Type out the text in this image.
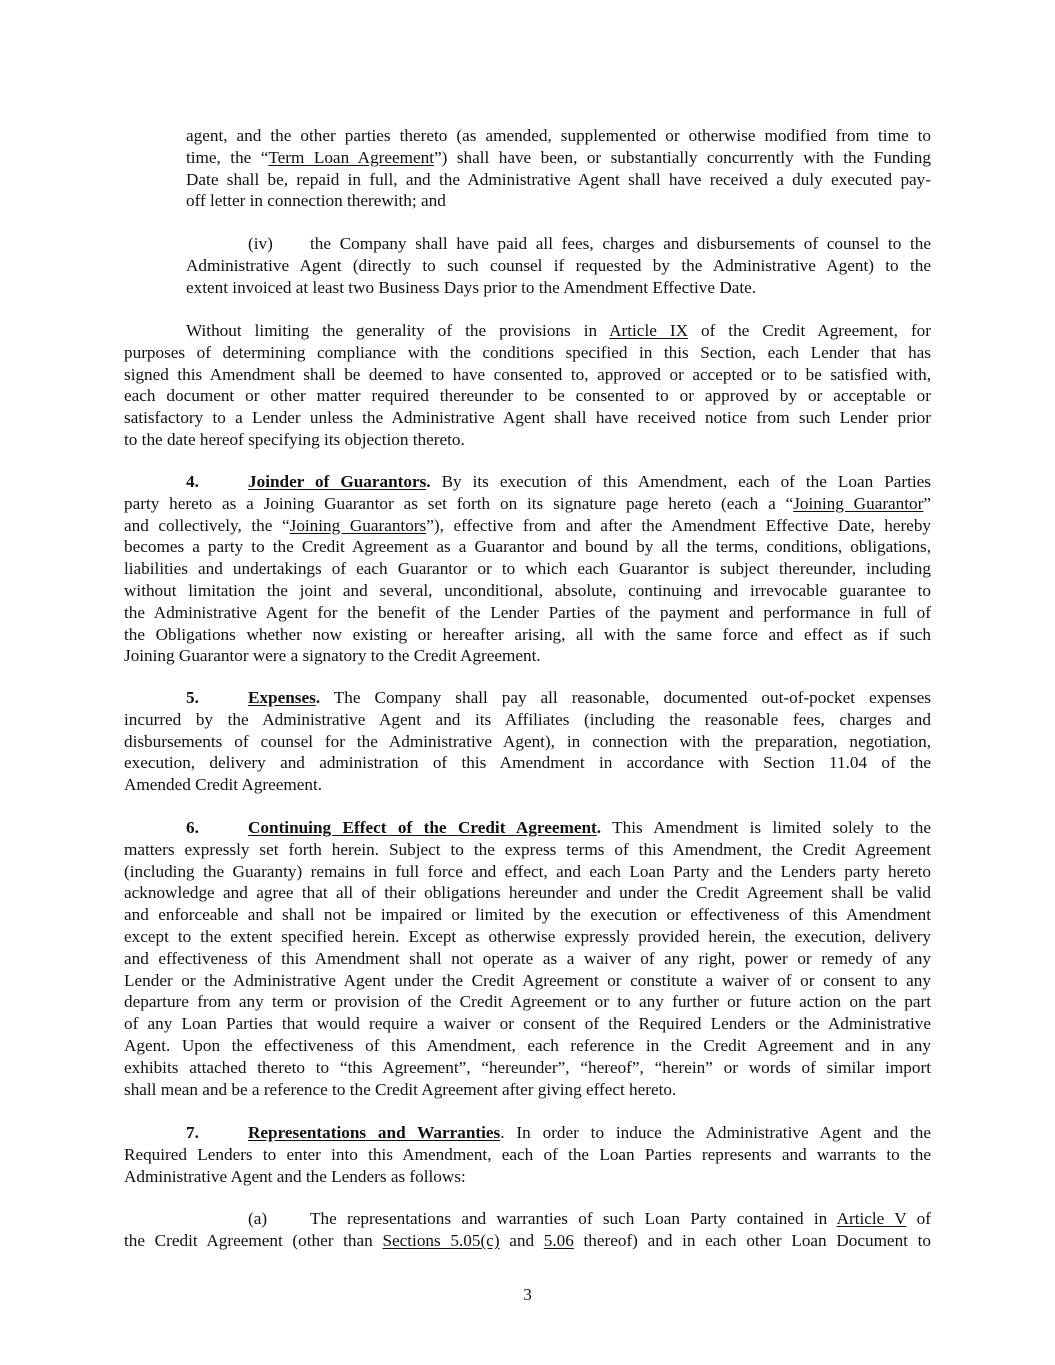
agent, and the other parties thereto (as amended, supplemented or otherwise modified from time to
time, the “Term Loan Agreement”) shall have been, or substantially concurrently with the Funding
Date shall be, repaid in full, and the Administrative Agent shall have received a duly executed pay-
off letter in connection therewith; and
(iv) the Company shall have paid all fees, charges and disbursements of counsel to the
Administrative Agent (directly to such counsel if requested by the Administrative Agent) to the
extent invoiced at least two Business Days prior to the Amendment Effective Date.
Without limiting the generality of the provisions in Article IX of the Credit Agreement, for
purposes of determining compliance with the conditions specified in this Section, each Lender that has
signed this Amendment shall be deemed to have consented to, approved or accepted or to be satisfied with,
each document or other matter required thereunder to be consented to or approved by or acceptable or
satisfactory to a Lender unless the Administrative Agent shall have received notice from such Lender prior
to the date hereof specifying its objection thereto.
4.	Joinder of Guarantors. By its execution of this Amendment, each of the Loan Parties
party hereto as a Joining Guarantor as set forth on its signature page hereto (each a “Joining Guarantor”
and collectively, the “Joining Guarantors”), effective from and after the Amendment Effective Date, hereby
becomes a party to the Credit Agreement as a Guarantor and bound by all the terms, conditions, obligations,
liabilities and undertakings of each Guarantor or to which each Guarantor is subject thereunder, including
without limitation the joint and several, unconditional, absolute, continuing and irrevocable guarantee to
the Administrative Agent for the benefit of the Lender Parties of the payment and performance in full of
the Obligations whether now existing or hereafter arising, all with the same force and effect as if such
Joining Guarantor were a signatory to the Credit Agreement.
5.	Expenses. The Company shall pay all reasonable, documented out-of-pocket expenses
incurred by the Administrative Agent and its Affiliates (including the reasonable fees, charges and
disbursements of counsel for the Administrative Agent), in connection with the preparation, negotiation,
execution, delivery and administration of this Amendment in accordance with Section 11.04 of the
Amended Credit Agreement.
6.	Continuing Effect of the Credit Agreement. This Amendment is limited solely to the
matters expressly set forth herein. Subject to the express terms of this Amendment, the Credit Agreement
(including the Guaranty) remains in full force and effect, and each Loan Party and the Lenders party hereto
acknowledge and agree that all of their obligations hereunder and under the Credit Agreement shall be valid
and enforceable and shall not be impaired or limited by the execution or effectiveness of this Amendment
except to the extent specified herein. Except as otherwise expressly provided herein, the execution, delivery
and effectiveness of this Amendment shall not operate as a waiver of any right, power or remedy of any
Lender or the Administrative Agent under the Credit Agreement or constitute a waiver of or consent to any
departure from any term or provision of the Credit Agreement or to any further or future action on the part
of any Loan Parties that would require a waiver or consent of the Required Lenders or the Administrative
Agent. Upon the effectiveness of this Amendment, each reference in the Credit Agreement and in any
exhibits attached thereto to “this Agreement”, “hereunder”, “hereof”, “herein” or words of similar import
shall mean and be a reference to the Credit Agreement after giving effect hereto.
7.	Representations and Warranties. In order to induce the Administrative Agent and the
Required Lenders to enter into this Amendment, each of the Loan Parties represents and warrants to the
Administrative Agent and the Lenders as follows:
(a) The representations and warranties of such Loan Party contained in Article V of
the Credit Agreement (other than Sections 5.05(c) and 5.06 thereof) and in each other Loan Document to
3
